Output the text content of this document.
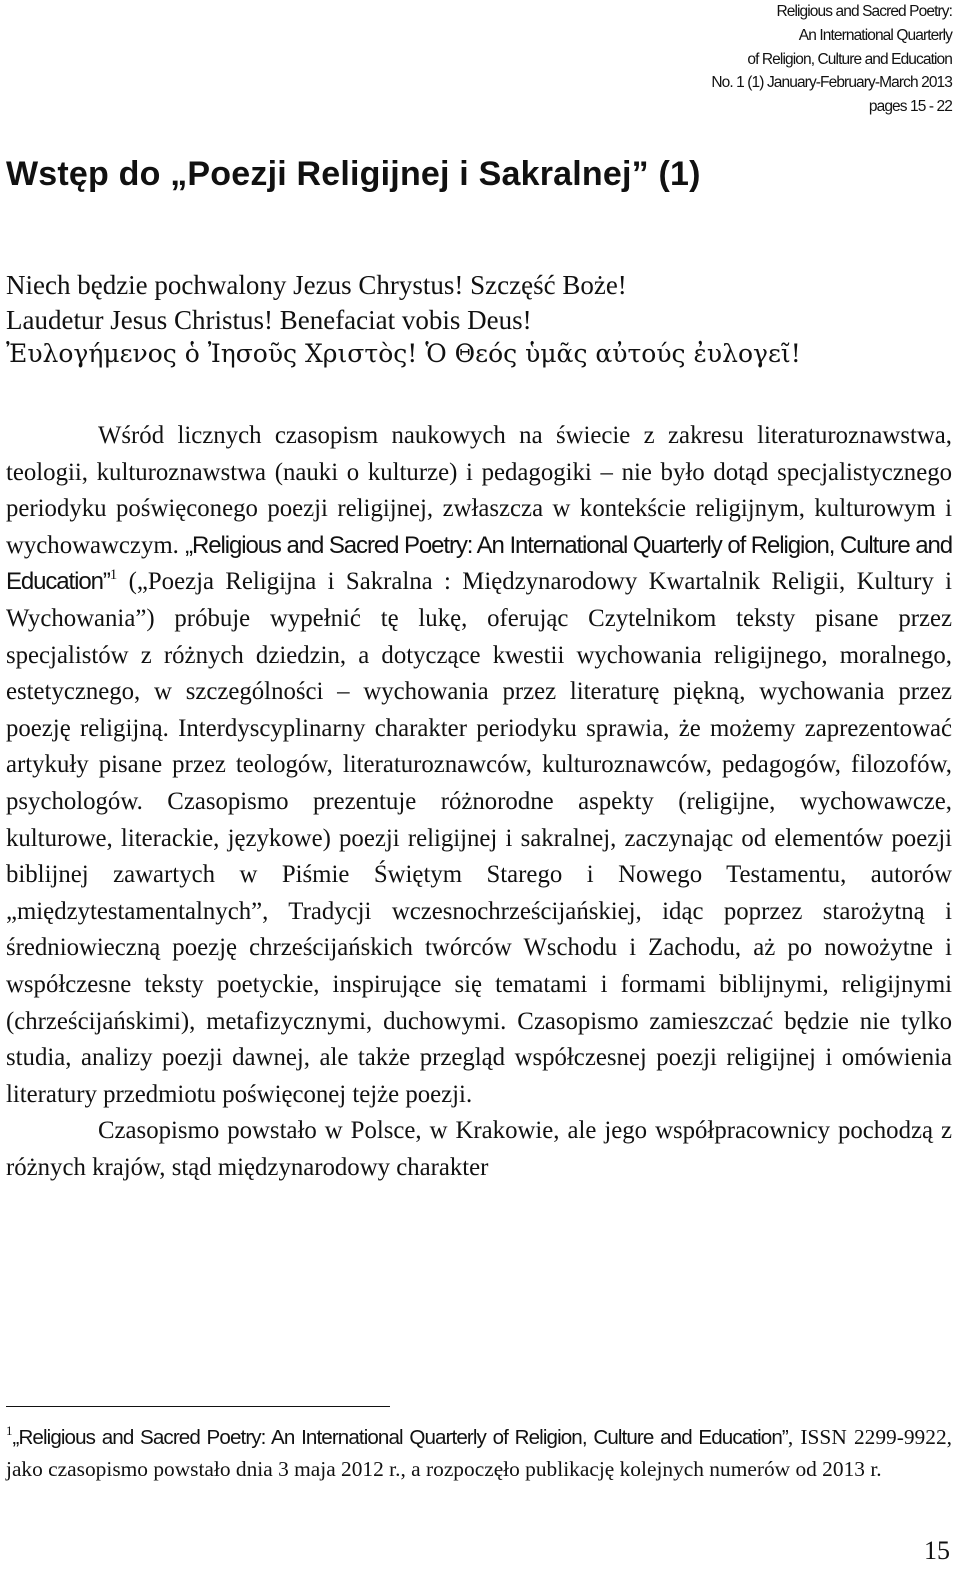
Religious and Sacred Poetry:
An International Quarterly
of Religion, Culture and Education
No. 1 (1) January-February-March 2013
pages 15 - 22
Wstęp do „Poezji Religijnej i Sakralnej” (1)
Niech będzie pochwalony Jezus Chrystus! Szczęść Boże!
Laudetur Jesus Christus! Benefaciat vobis Deus!
Ἐυλογήμενος ὁ Ἰησοῦς Χριστὸς! Ὁ Θεός ὑμᾶς αὐτούς ἐυλογεῖ!

Wśród licznych czasopism naukowych na świecie z zakresu literaturoznawstwa, teologii, kulturoznawstwa (nauki o kulturze) i pedagogiki – nie było dotąd specjalistycznego periodyku poświęconego poezji religijnej, zwłaszcza w kontekście religijnym, kulturowym i wychowawczym. „Religious and Sacred Poetry: An International Quarterly of Religion, Culture and Education”$^1$ („Poezja Religijna i Sakralna : Międzynarodowy Kwartalnik Religii, Kultury i Wychowania”) próbuje wypełnić tę lukę, oferując Czytelnikom teksty pisane przez specjalistów z różnych dziedzin, a dotyczące kwestii wychowania religijnego, moralnego, estetycznego, w szczególności – wychowania przez literaturę piękną, wychowania przez poezję religijną. Interdyscyplinarny charakter periodyku sprawia, że możemy zaprezentować artykuły pisane przez teologów, literaturoznawców, kulturoznawców, pedagogów, filozofów, psychologów. Czasopismo prezentuje różnorodne aspekty (religijne, wychowawcze, kulturowe, literackie, językowe) poezji religijnej i sakralnej, zaczynając od elementów poezji biblijnej zawartych w Piśmie Świętym Starego i Nowego Testamentu, autorów „międzytestamentalnych”, Tradycji wczesnochrześcijańskiej, idąc poprzez starożytną i średniowieczną poezję chrześcijańskich twórców Wschodu i Zachodu, aż po nowożytne i współczesne teksty poetyckie, inspirujące się tematami i formami biblijnymi, religijnymi (chrześcijańskimi), metafizycznymi, duchowymi. Czasopismo zamieszczać będzie nie tylko studia, analizy poezji dawnej, ale także przegląd współczesnej poezji religijnej i omówienia literatury przedmiotu poświęconej tejże poezji.

Czasopismo powstało w Polsce, w Krakowie, ale jego współpracownicy pochodzą z różnych krajów, stąd międzynarodowy charakter

$^1$„Religious and Sacred Poetry: An International Quarterly of Religion, Culture and Education”, ISSN 2299-9922, jako czasopismo powstało dnia 3 maja 2012 r., a rozpoczęło publikację kolejnych numerów od 2013 r.
15
